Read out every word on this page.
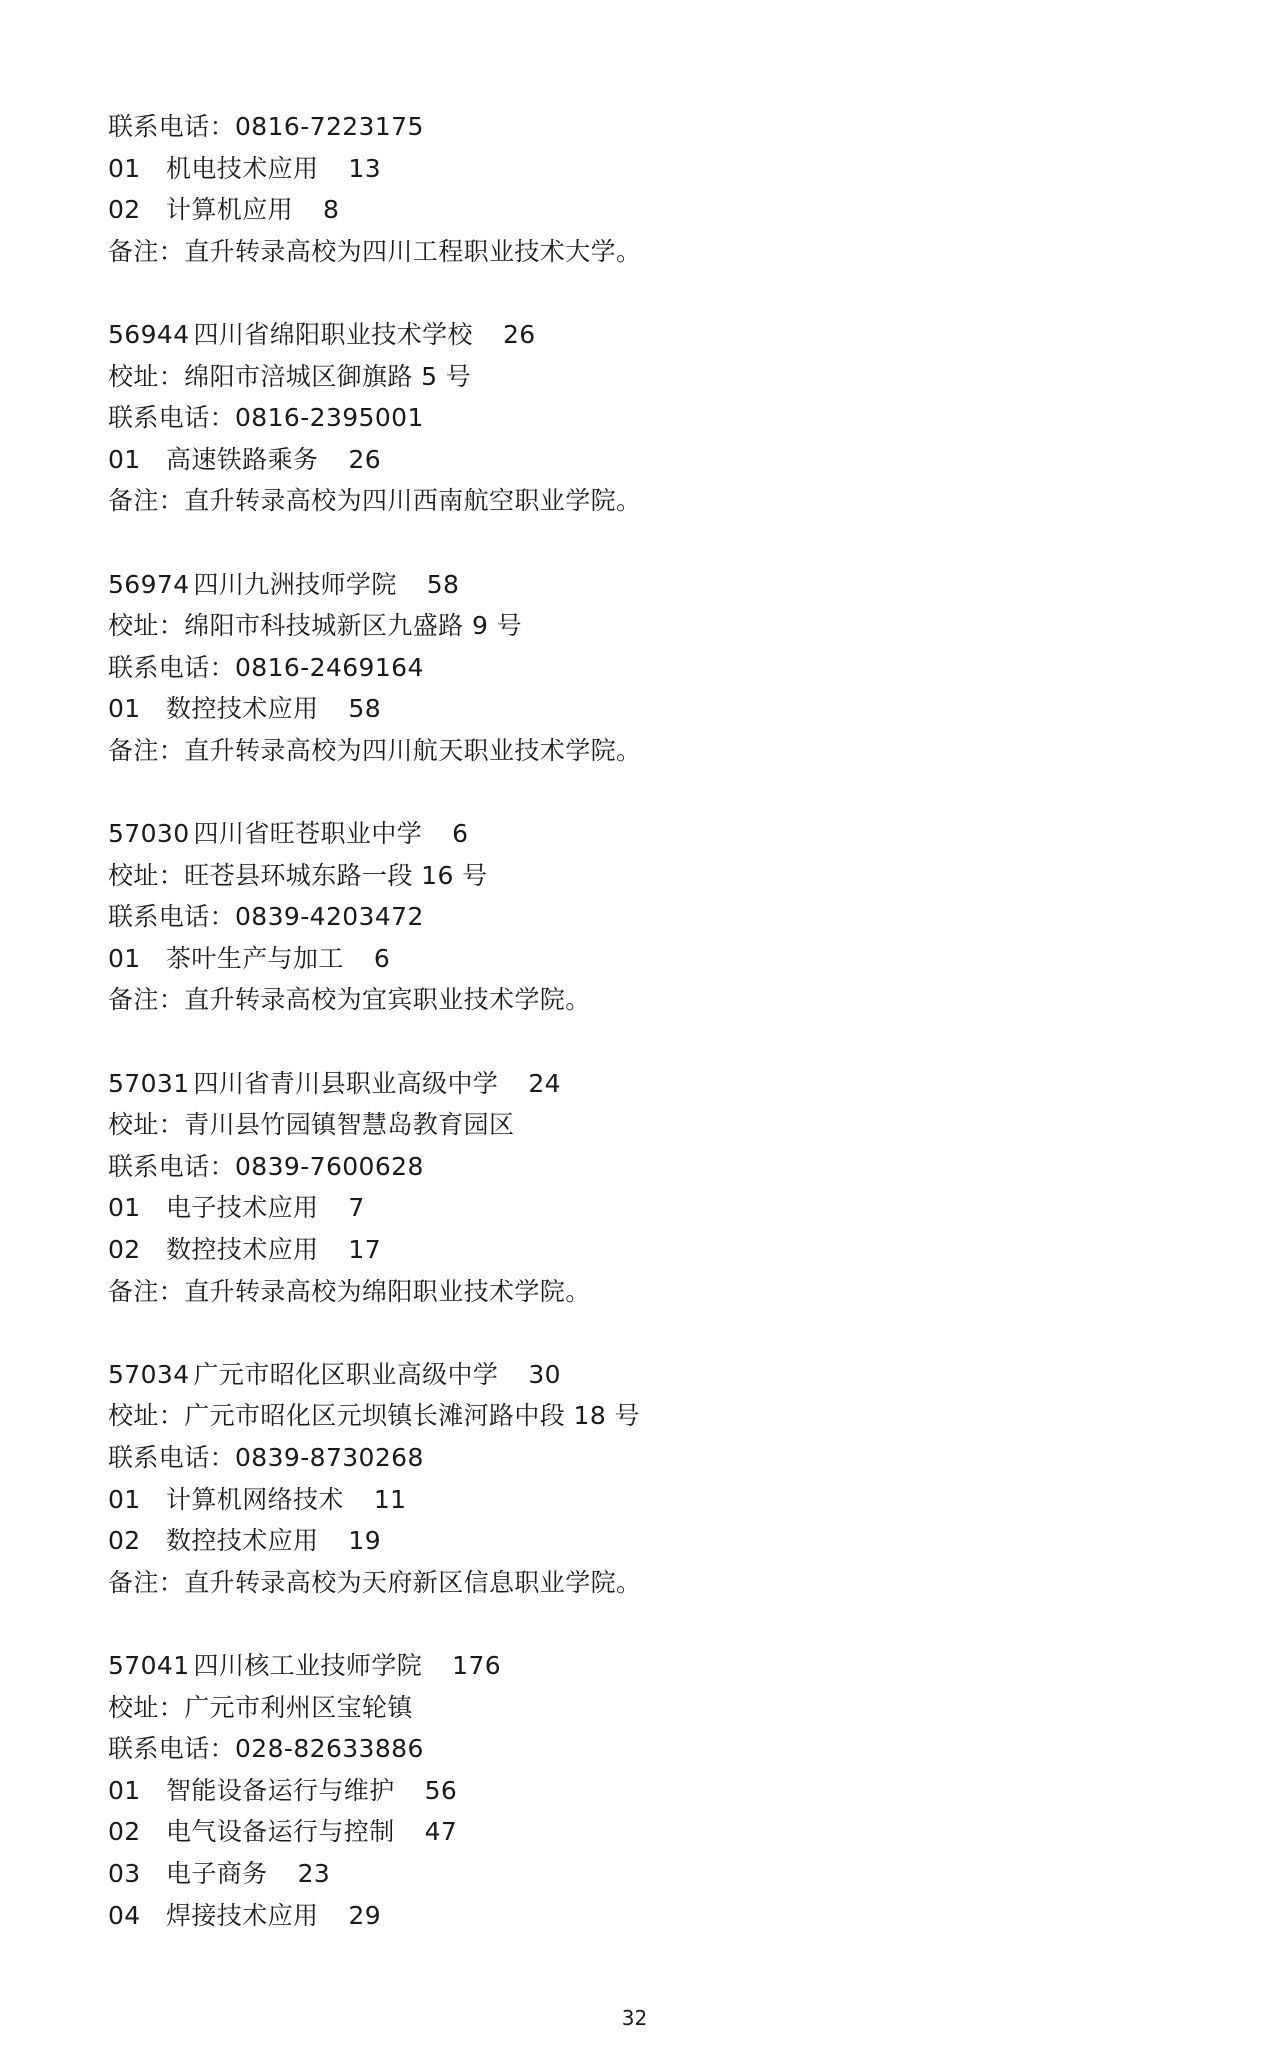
联系电话：0816-7223175
01 机电技术应用 13
02 计算机应用 8
备注：直升转录高校为四川工程职业技术大学。
56944 四川省绵阳职业技术学校 26
校址：绵阳市涪城区御旗路 5 号
联系电话：0816-2395001
01 高速铁路乘务 26
备注：直升转录高校为四川西南航空职业学院。
56974 四川九洲技师学院 58
校址：绵阳市科技城新区九盛路 9 号
联系电话：0816-2469164
01 数控技术应用 58
备注：直升转录高校为四川航天职业技术学院。
57030 四川省旺苍职业中学 6
校址：旺苍县环城东路一段 16 号
联系电话：0839-4203472
01 茶叶生产与加工 6
备注：直升转录高校为宜宾职业技术学院。
57031 四川省青川县职业高级中学 24
校址：青川县竹园镇智慧岛教育园区
联系电话：0839-7600628
01 电子技术应用 7
02 数控技术应用 17
备注：直升转录高校为绵阳职业技术学院。
57034 广元市昭化区职业高级中学 30
校址：广元市昭化区元坝镇长滩河路中段 18 号
联系电话：0839-8730268
01 计算机网络技术 11
02 数控技术应用 19
备注：直升转录高校为天府新区信息职业学院。
57041 四川核工业技师学院 176
校址：广元市利州区宝轮镇
联系电话：028-82633886
01 智能设备运行与维护 56
02 电气设备运行与控制 47
03 电子商务 23
04 焊接技术应用 29
32
